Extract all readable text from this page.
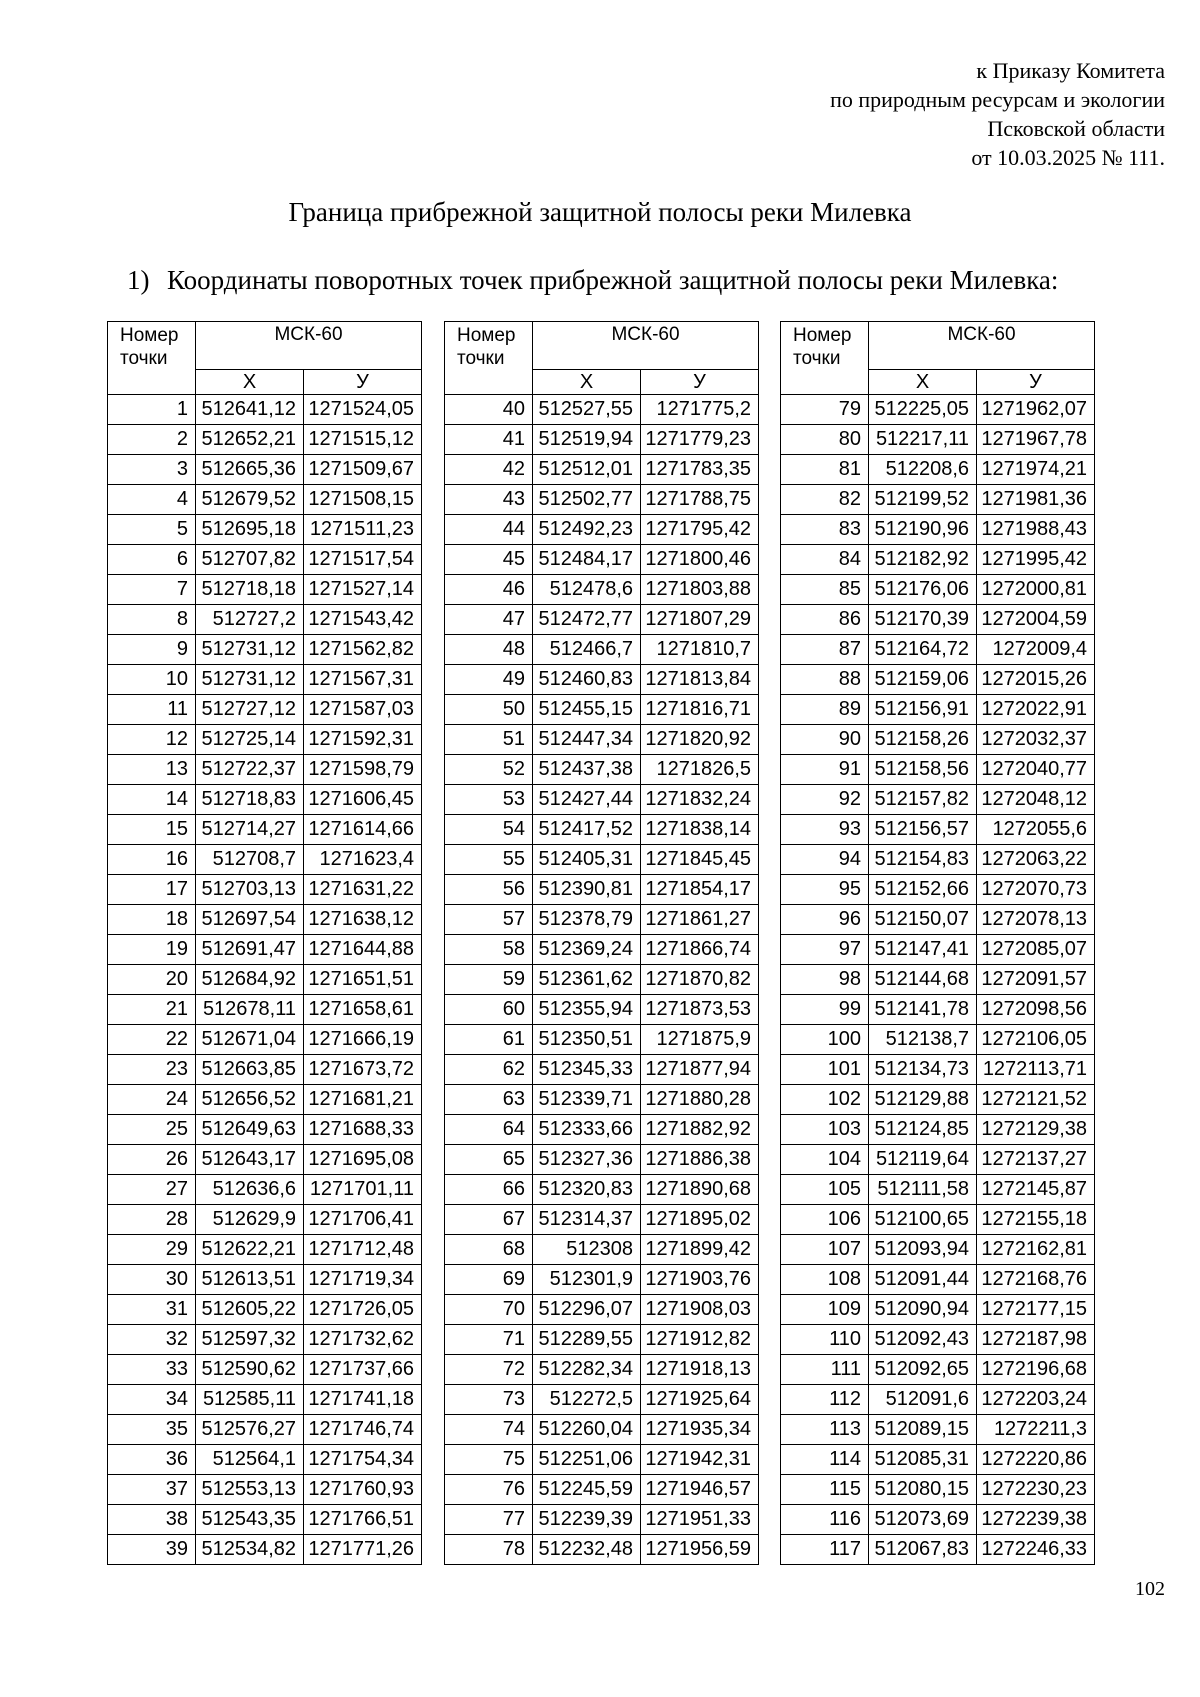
к Приказу Комитета
по природным ресурсам и экологии
Псковской области
от 10.03.2025 № 111.
Граница прибрежной защитной полосы реки Милевка
1) Координаты поворотных точек прибрежной защитной полосы реки Милевка:
Номер
точки	МСК-60	
	Х	У
1	512641,12	1271524,05
2	512652,21	1271515,12
3	512665,36	1271509,67
4	512679,52	1271508,15
5	512695,18	1271511,23
6	512707,82	1271517,54
7	512718,18	1271527,14
8	512727,2	1271543,42
9	512731,12	1271562,82
10	512731,12	1271567,31
11	512727,12	1271587,03
12	512725,14	1271592,31
13	512722,37	1271598,79
14	512718,83	1271606,45
15	512714,27	1271614,66
16	512708,7	1271623,4
17	512703,13	1271631,22
18	512697,54	1271638,12
19	512691,47	1271644,88
20	512684,92	1271651,51
21	512678,11	1271658,61
22	512671,04	1271666,19
23	512663,85	1271673,72
24	512656,52	1271681,21
25	512649,63	1271688,33
26	512643,17	1271695,08
27	512636,6	1271701,11
28	512629,9	1271706,41
29	512622,21	1271712,48
30	512613,51	1271719,34
31	512605,22	1271726,05
32	512597,32	1271732,62
33	512590,62	1271737,66
34	512585,11	1271741,18
35	512576,27	1271746,74
36	512564,1	1271754,34
37	512553,13	1271760,93
38	512543,35	1271766,51
39	512534,82	1271771,26
Номер
точки	МСК-60	
	Х	У
40	512527,55	1271775,2
41	512519,94	1271779,23
42	512512,01	1271783,35
43	512502,77	1271788,75
44	512492,23	1271795,42
45	512484,17	1271800,46
46	512478,6	1271803,88
47	512472,77	1271807,29
48	512466,7	1271810,7
49	512460,83	1271813,84
50	512455,15	1271816,71
51	512447,34	1271820,92
52	512437,38	1271826,5
53	512427,44	1271832,24
54	512417,52	1271838,14
55	512405,31	1271845,45
56	512390,81	1271854,17
57	512378,79	1271861,27
58	512369,24	1271866,74
59	512361,62	1271870,82
60	512355,94	1271873,53
61	512350,51	1271875,9
62	512345,33	1271877,94
63	512339,71	1271880,28
64	512333,66	1271882,92
65	512327,36	1271886,38
66	512320,83	1271890,68
67	512314,37	1271895,02
68	512308	1271899,42
69	512301,9	1271903,76
70	512296,07	1271908,03
71	512289,55	1271912,82
72	512282,34	1271918,13
73	512272,5	1271925,64
74	512260,04	1271935,34
75	512251,06	1271942,31
76	512245,59	1271946,57
77	512239,39	1271951,33
78	512232,48	1271956,59
Номер
точки	МСК-60	
	Х	У
79	512225,05	1271962,07
80	512217,11	1271967,78
81	512208,6	1271974,21
82	512199,52	1271981,36
83	512190,96	1271988,43
84	512182,92	1271995,42
85	512176,06	1272000,81
86	512170,39	1272004,59
87	512164,72	1272009,4
88	512159,06	1272015,26
89	512156,91	1272022,91
90	512158,26	1272032,37
91	512158,56	1272040,77
92	512157,82	1272048,12
93	512156,57	1272055,6
94	512154,83	1272063,22
95	512152,66	1272070,73
96	512150,07	1272078,13
97	512147,41	1272085,07
98	512144,68	1272091,57
99	512141,78	1272098,56
100	512138,7	1272106,05
101	512134,73	1272113,71
102	512129,88	1272121,52
103	512124,85	1272129,38
104	512119,64	1272137,27
105	512111,58	1272145,87
106	512100,65	1272155,18
107	512093,94	1272162,81
108	512091,44	1272168,76
109	512090,94	1272177,15
110	512092,43	1272187,98
111	512092,65	1272196,68
112	512091,6	1272203,24
113	512089,15	1272211,3
114	512085,31	1272220,86
115	512080,15	1272230,23
116	512073,69	1272239,38
117	512067,83	1272246,33
102
